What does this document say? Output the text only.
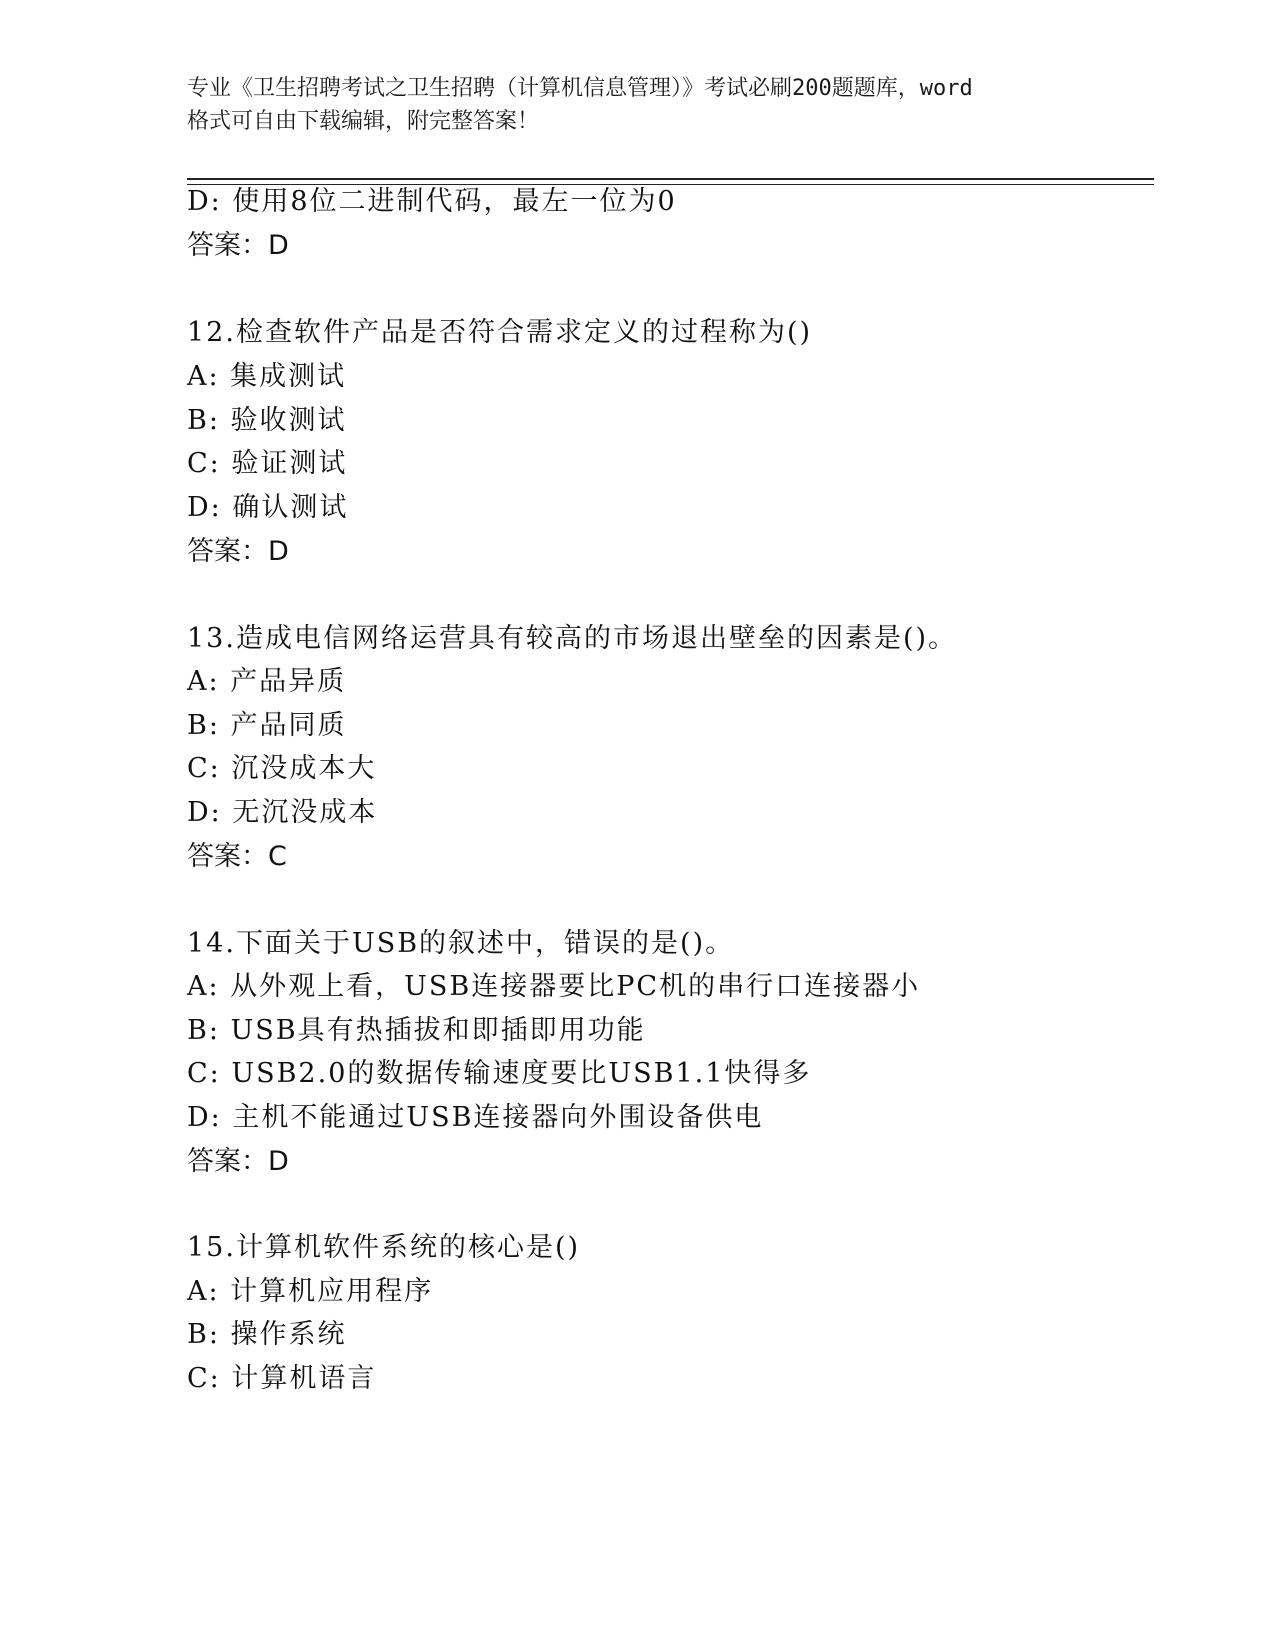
专业《卫生招聘考试之卫生招聘（计算机信息管理）》考试必刷200题题库，word
格式可自由下载编辑，附完整答案！
D: 使用8位二进制代码，最左一位为0
答案：D
12.检查软件产品是否符合需求定义的过程称为()
A: 集成测试
B: 验收测试
C: 验证测试
D: 确认测试
答案：D
13.造成电信网络运营具有较高的市场退出壁垒的因素是()。
A: 产品异质
B: 产品同质
C: 沉没成本大
D: 无沉没成本
答案：C
14.下面关于USB的叙述中，错误的是()。
A: 从外观上看，USB连接器要比PC机的串行口连接器小
B: USB具有热插拔和即插即用功能
C: USB2.0的数据传输速度要比USB1.1快得多
D: 主机不能通过USB连接器向外围设备供电
答案：D
15.计算机软件系统的核心是()
A: 计算机应用程序
B: 操作系统
C: 计算机语言
